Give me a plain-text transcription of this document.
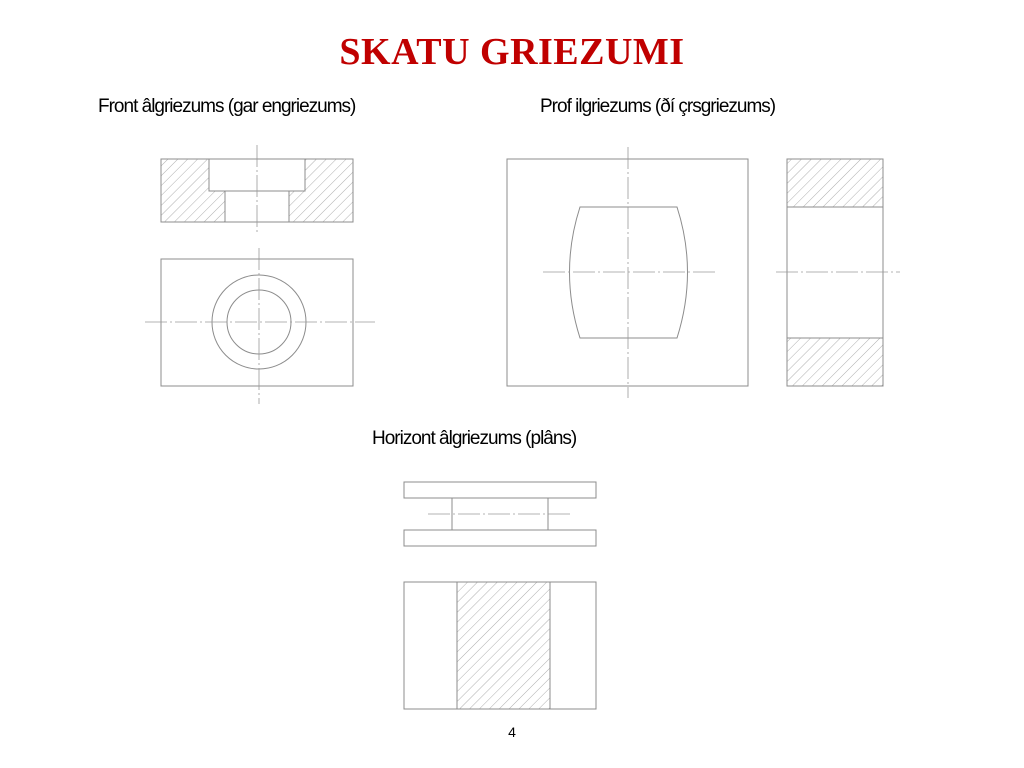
SKATU GRIEZUMI
Front âlgriezums (gar engriezums)	Prof ilgriezums (ðí çrsgriezums)
Horizont âlgriezums (plâns)
4
